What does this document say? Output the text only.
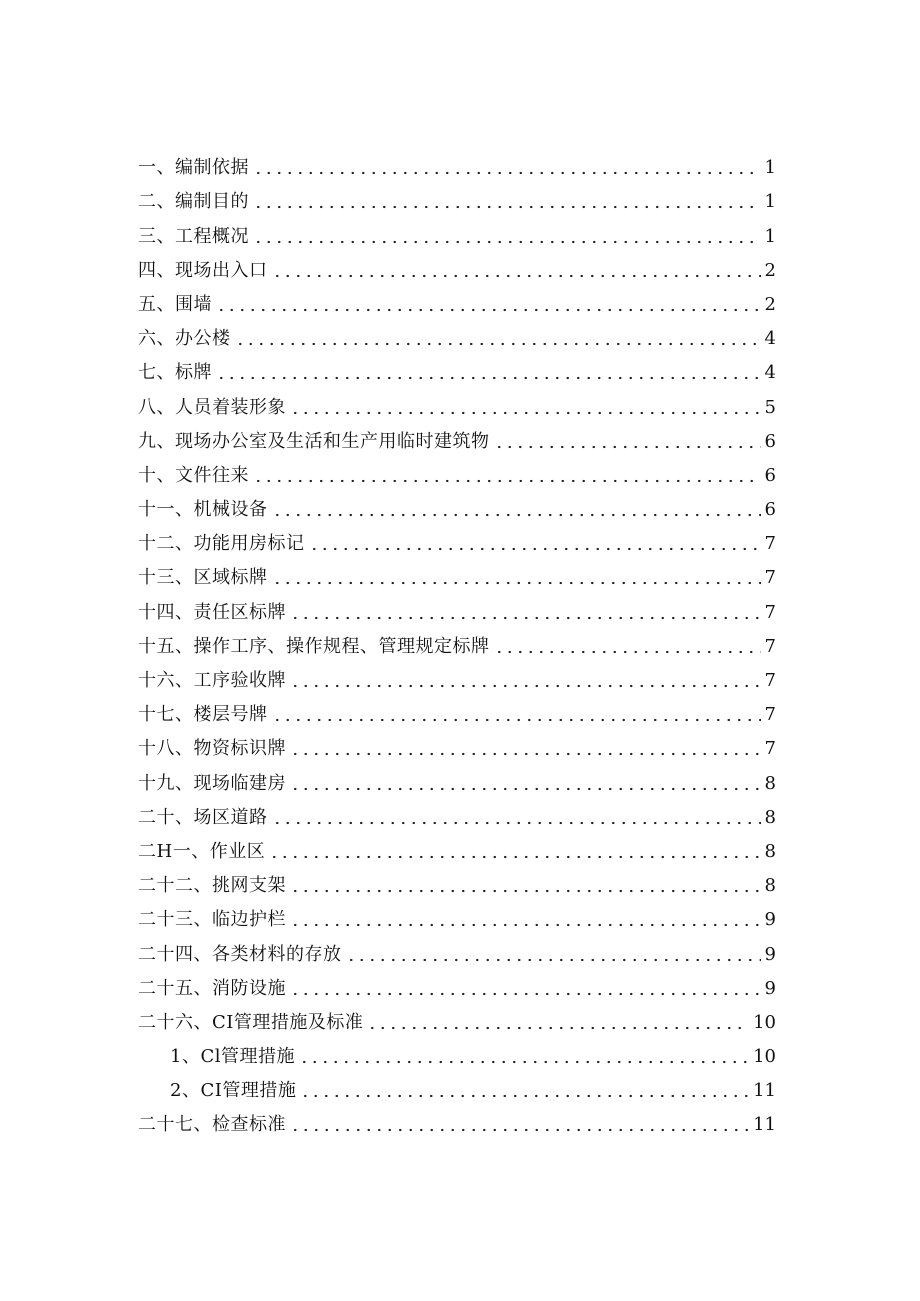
一、编制依据	1
二、编制目的	1
三、工程概况	1
四、现场出入口	2
五、围墙	2
六、办公楼	4
七、标牌	4
八、人员着装形象	5
九、现场办公室及生活和生产用临时建筑物	6
十、文件往来	6
十一、机械设备	6
十二、功能用房标记	7
十三、区域标牌	7
十四、责任区标牌	7
十五、操作工序、操作规程、管理规定标牌	7
十六、工序验收牌	7
十七、楼层号牌	7
十八、物资标识牌	7
十九、现场临建房	8
二十、场区道路	8
二H一、作业区	8
二十二、挑网支架	8
二十三、临边护栏	9
二十四、各类材料的存放	9
二十五、消防设施	9
二十六、CI管理措施及标准	10
1、Cl管理措施	10
2、CI管理措施	11
二十七、检查标准	11
